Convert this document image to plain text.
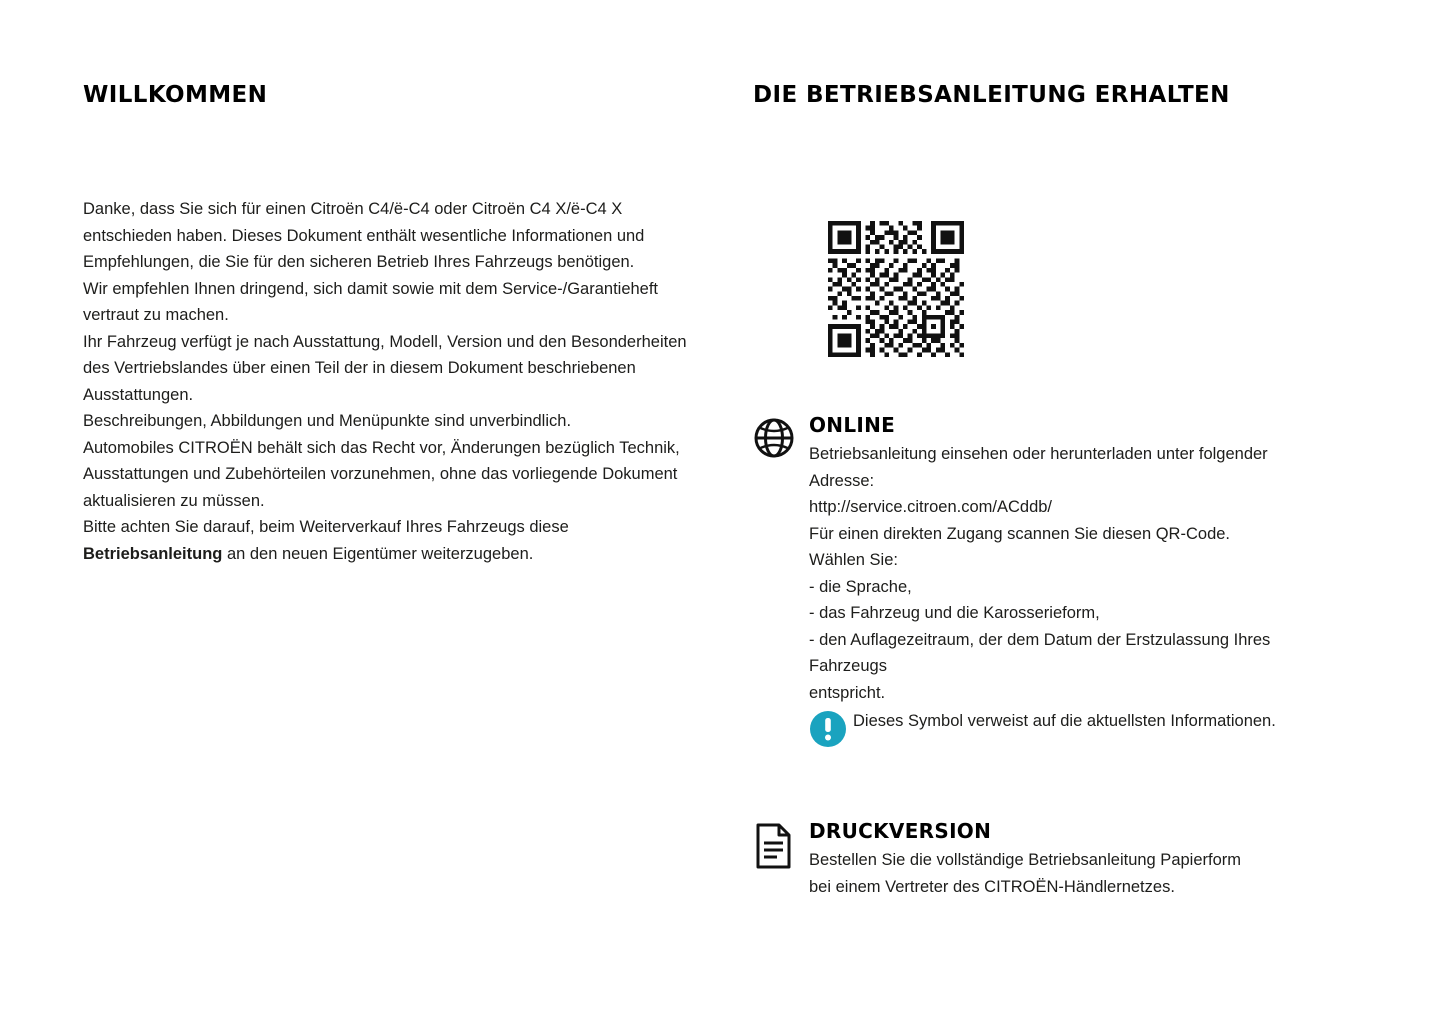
WILLKOMMEN

Danke, dass Sie sich für einen Citroën C4/ë-C4 oder Citroën C4 X/ë-C4 X entschieden haben. Dieses Dokument enthält wesentliche Informationen und Empfehlungen, die Sie für den sicheren Betrieb Ihres Fahrzeugs benötigen.

Wir empfehlen Ihnen dringend, sich damit sowie mit dem Service-/Garantieheft vertraut zu machen.

Ihr Fahrzeug verfügt je nach Ausstattung, Modell, Version und den Besonderheiten des Vertriebslandes über einen Teil der in diesem Dokument beschriebenen Ausstattungen.

Beschreibungen, Abbildungen und Menüpunkte sind unverbindlich.

Automobiles CITROËN behält sich das Recht vor, Änderungen bezüglich Technik, Ausstattungen und Zubehörteilen vorzunehmen, ohne das vorliegende Dokument aktualisieren zu müssen.

Bitte achten Sie darauf, beim Weiterverkauf Ihres Fahrzeugs diese Betriebsanleitung an den neuen Eigentümer weiterzugeben.

DIE BETRIEBSANLEITUNG ERHALTEN
ONLINE
Betriebsanleitung einsehen oder herunterladen unter folgender
Adresse:
http://service.citroen.com/ACddb/
Für einen direkten Zugang scannen Sie diesen QR-Code.
Wählen Sie:
- die Sprache,
- das Fahrzeug und die Karosserieform,
- den Auflagezeitraum, der dem Datum der Erstzulassung Ihres
Fahrzeugs
entspricht.
Dieses Symbol verweist auf die aktuellsten Informationen.
DRUCKVERSION
Bestellen Sie die vollständige Betriebsanleitung Papierform
bei einem Vertreter des CITROËN-Händlernetzes.
